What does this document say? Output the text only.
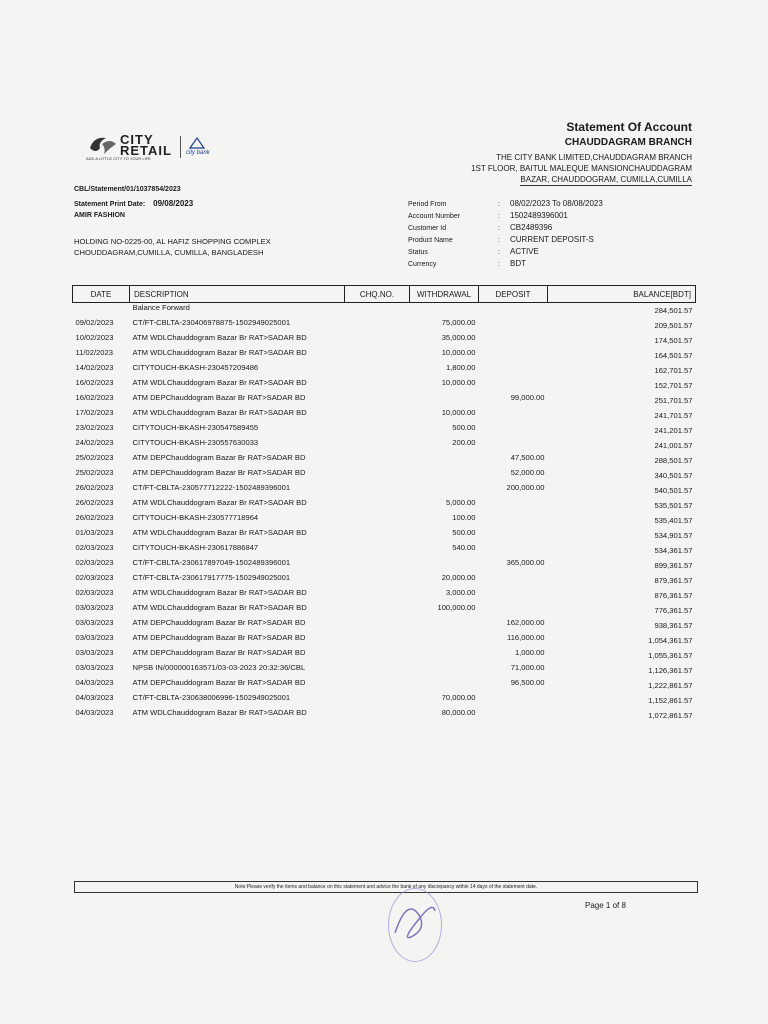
CITY
RETAIL
ADD A LITTLE CITY TO YOUR LIFE
city bank
Statement Of Account
CHAUDDAGRAM BRANCH
THE CITY BANK LIMITED,CHAUDDAGRAM BRANCH
1ST FLOOR, BAITUL MALEQUE MANSIONCHAUDDAGRAM
BAZAR, CHAUDDOGRAM, CUMILLA,CUMILLA
CBL/Statement/01/1037854/2023
Statement Print Date: 09/08/2023
AMIR FASHION
HOLDING NO-0225-00, AL HAFIZ SHOPPING COMPLEX
CHOUDDAGRAM,CUMILLA, CUMILLA, BANGLADESH
Period From	: 08/02/2023 To 08/08/2023
Account Number	: 1502489396001
Customer Id	: CB2489396
Product Name	: CURRENT DEPOSIT-S
Status	: ACTIVE
Currency	: BDT
DATE	DESCRIPTION	CHQ.NO.	WITHDRAWAL	DEPOSIT	BALANCE[BDT]
	Balance Forward				284,501.57
09/02/2023	CT/FT-CBLTA-230406978875-1502949025001		75,000.00		209,501.57
10/02/2023	ATM WDLChauddogram Bazar Br RAT>SADAR BD		35,000.00		174,501.57
11/02/2023	ATM WDLChauddogram Bazar Br RAT>SADAR BD		10,000.00		164,501.57
14/02/2023	CITYTOUCH-BKASH-230457209486		1,800.00		162,701.57
16/02/2023	ATM WDLChauddogram Bazar Br RAT>SADAR BD		10,000.00		152,701.57
16/02/2023	ATM DEPChauddogram Bazar Br RAT>SADAR BD			99,000.00	251,701.57
17/02/2023	ATM WDLChauddogram Bazar Br RAT>SADAR BD		10,000.00		241,701.57
23/02/2023	CITYTOUCH-BKASH-230547589455		500.00		241,201.57
24/02/2023	CITYTOUCH-BKASH-230557630033		200.00		241,001.57
25/02/2023	ATM DEPChauddogram Bazar Br RAT>SADAR BD			47,500.00	288,501.57
25/02/2023	ATM DEPChauddogram Bazar Br RAT>SADAR BD			52,000.00	340,501.57
26/02/2023	CT/FT-CBLTA-230577712222-1502489396001			200,000.00	540,501.57
26/02/2023	ATM WDLChauddogram Bazar Br RAT>SADAR BD		5,000.00		535,501.57
26/02/2023	CITYTOUCH-BKASH-230577718964		100.00		535,401.57
01/03/2023	ATM WDLChauddogram Bazar Br RAT>SADAR BD		500.00		534,901.57
02/03/2023	CITYTOUCH-BKASH-230617886847		540.00		534,361.57
02/03/2023	CT/FT-CBLTA-230617897049-1502489396001			365,000.00	899,361.57
02/03/2023	CT/FT-CBLTA-230617917775-1502949025001		20,000.00		879,361.57
02/03/2023	ATM WDLChauddogram Bazar Br RAT>SADAR BD		3,000.00		876,361.57
03/03/2023	ATM WDLChauddogram Bazar Br RAT>SADAR BD		100,000.00		776,361.57
03/03/2023	ATM DEPChauddogram Bazar Br RAT>SADAR BD			162,000.00	938,361.57
03/03/2023	ATM DEPChauddogram Bazar Br RAT>SADAR BD			116,000.00	1,054,361.57
03/03/2023	ATM DEPChauddogram Bazar Br RAT>SADAR BD			1,000.00	1,055,361.57
03/03/2023	NPSB IN/000000163571/03-03-2023 20:32:36/CBL			71,000.00	1,126,361.57
04/03/2023	ATM DEPChauddogram Bazar Br RAT>SADAR BD			96,500.00	1,222,861.57
04/03/2023	CT/FT-CBLTA-230638006996-1502949025001		70,000.00		1,152,861.57
04/03/2023	ATM WDLChauddogram Bazar Br RAT>SADAR BD		80,000.00		1,072,861.57
Note:Please verify the items and balance on this statement and advice the bank of any discrepancy within 14 days of the statement date.
Page 1 of 8
